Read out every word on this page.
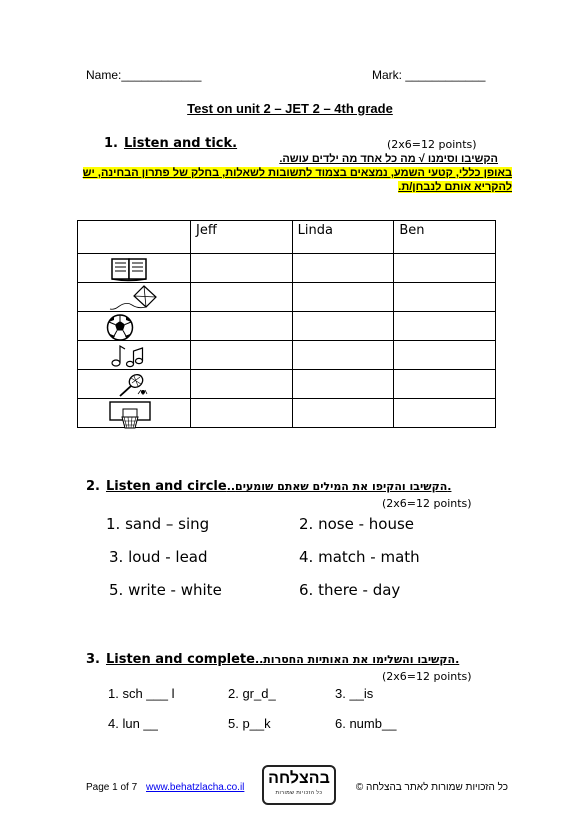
Name:____________	Mark: ____________
Test on unit 2 – JET 2 – 4th grade
1. Listen and tick.	(2x6=12 points)
הקשיבו וסימנו √ מה כל אחד מה ילדים עושה.
באופן כללי, קטעי השמע, נמצאים בצמוד לתשובות לשאלות, בחלק של פתרון הבחינה, יש להקריא אותם לנבחן/ת.
	Jeff	Linda	Ben

2. Listen and circle..הקשיבו והקיפו את המילים שאתם שומעים.
(2x6=12 points)
1. sand – sing	2. nose - house
3. loud - lead	4. match - math
5. write - white	6. there - day
3. Listen and complete..הקשיבו והשלימו את האותיות החסרות.
(2x6=12 points)
1. sch ___ l	2. gr_d_	3. __is
4. lun __	5. p__k	6. numb__
Page 1 of 7 www.behatzlacha.co.il
בהצלחה
כל הזכויות שמורות	כל הזכויות שמורות לאתר בהצלחה ©
